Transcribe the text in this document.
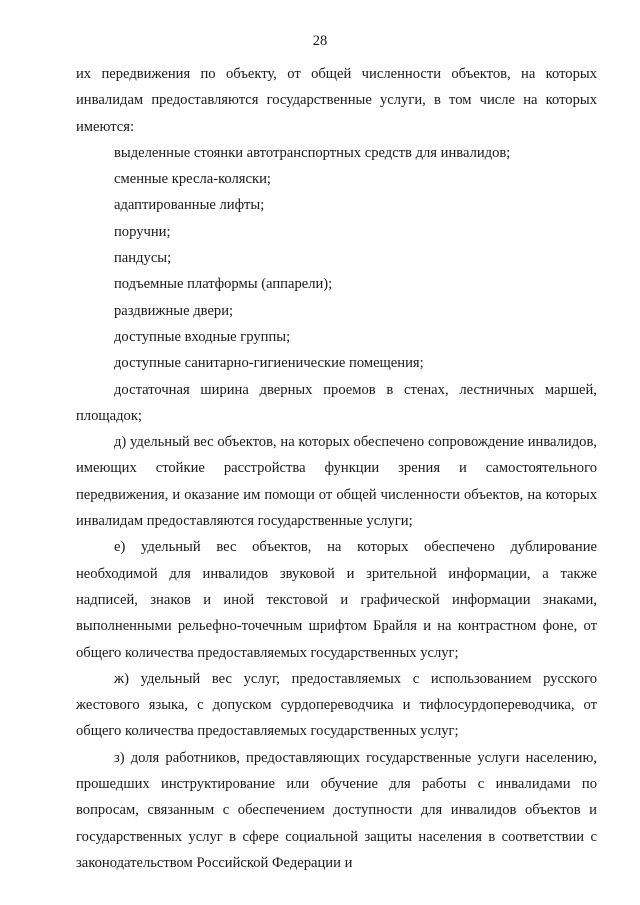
28

их передвижения по объекту, от общей численности объектов, на которых инвалидам предоставляются государственные услуги, в том числе на которых имеются:

выделенные стоянки автотранспортных средств для инвалидов;

сменные кресла-коляски;

адаптированные лифты;

поручни;

пандусы;

подъемные платформы (аппарели);

раздвижные двери;

доступные входные группы;

доступные санитарно-гигиенические помещения;

достаточная ширина дверных проемов в стенах, лестничных маршей, площадок;

д) удельный вес объектов, на которых обеспечено сопровождение инвалидов, имеющих стойкие расстройства функции зрения и самостоятельного передвижения, и оказание им помощи от общей численности объектов, на которых инвалидам предоставляются государственные услуги;

е) удельный вес объектов, на которых обеспечено дублирование необходимой для инвалидов звуковой и зрительной информации, а также надписей, знаков и иной текстовой и графической информации знаками, выполненными рельефно-точечным шрифтом Брайля и на контрастном фоне, от общего количества предоставляемых государственных услуг;

ж) удельный вес услуг, предоставляемых с использованием русского жестового языка, с допуском сурдопереводчика и тифлосурдопереводчика, от общего количества предоставляемых государственных услуг;

з) доля работников, предоставляющих государственные услуги населению, прошедших инструктирование или обучение для работы с инвалидами по вопросам, связанным с обеспечением доступности для инвалидов объектов и государственных услуг в сфере социальной защиты населения в соответствии с законодательством Российской Федерации и
